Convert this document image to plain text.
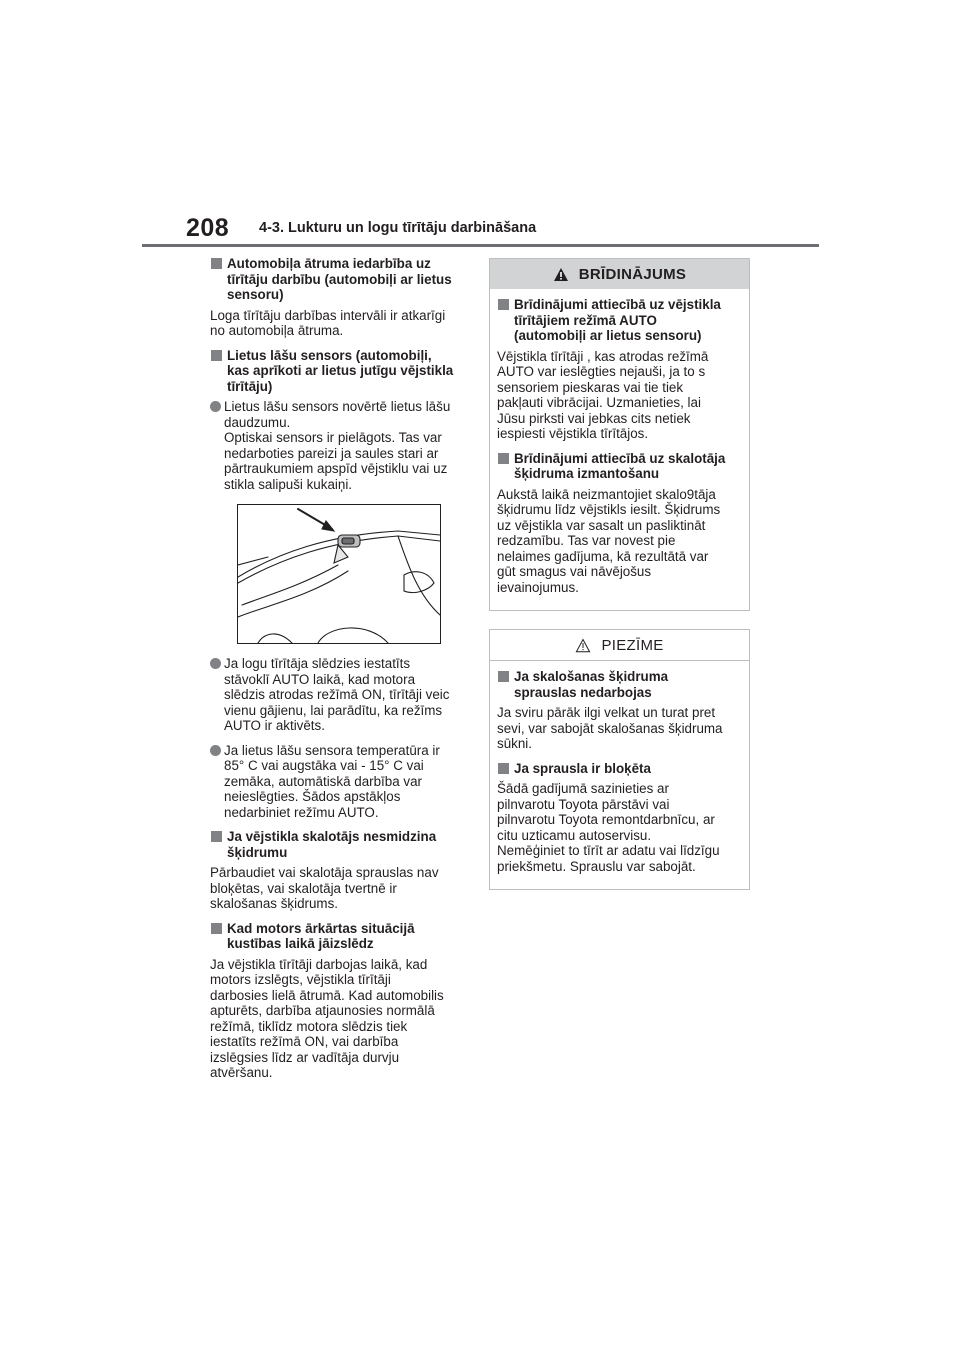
208 4-3. Lukturu un logu tīrītāju darbināšana
Automobiļa ātruma iedarbība uz
tīrītāju darbību (automobiļi ar lietus
sensoru)
Loga tīrītāju darbības intervāli ir atkarīgi
no automobiļa ātruma.
Lietus lāšu sensors (automobiļi,
kas aprīkoti ar lietus jutīgu vējstikla
tīrītāju)
Lietus lāšu sensors novērtē lietus lāšu
daudzumu.
Optiskai sensors ir pielāgots. Tas var
nedarboties pareizi ja saules stari ar
pārtraukumiem apspīd vējstiklu vai uz
stikla salipuši kukaiņi.
Ja logu tīrītāja slēdzies iestatīts
stāvoklī AUTO laikā, kad motora
slēdzis atrodas režīmā ON, tīrītāji veic
vienu gājienu, lai parādītu, ka režīms
AUTO ir aktivēts.
Ja lietus lāšu sensora temperatūra ir
85° C vai augstāka vai - 15° C vai
zemāka, automātiskā darbība var
neieslēgties. Šādos apstākļos
nedarbiniet režīmu AUTO.
Ja vējstikla skalotājs nesmidzina
šķidrumu
Pārbaudiet vai skalotāja sprauslas nav
bloķētas, vai skalotāja tvertnē ir
skalošanas šķidrums.
Kad motors ārkārtas situācijā
kustības laikā jāizslēdz
Ja vējstikla tīrītāji darbojas laikā, kad
motors izslēgts, vējstikla tīrītāji
darbosies lielā ātrumā. Kad automobilis
apturēts, darbība atjaunosies normālā
režīmā, tiklīdz motora slēdzis tiek
iestatīts režīmā ON, vai darbība
izslēgsies līdz ar vadītāja durvju
atvēršanu.
BRĪDINĀJUMS
Brīdinājumi attiecībā uz vējstikla
tīrītājiem režīmā AUTO
(automobiļi ar lietus sensoru)
Vējstikla tīrītāji , kas atrodas režīmā
AUTO var ieslēgties nejauši, ja to s
sensoriem pieskaras vai tie tiek
pakļauti vibrācijai. Uzmanieties, lai
Jūsu pirksti vai jebkas cits netiek
iespiesti vējstikla tīrītājos.
Brīdinājumi attiecībā uz skalotāja
šķidruma izmantošanu
Aukstā laikā neizmantojiet skalo9tāja
šķidrumu līdz vējstikls iesilt. Šķidrums
uz vējstikla var sasalt un pasliktināt
redzamību. Tas var novest pie
nelaimes gadījuma, kā rezultātā var
gūt smagus vai nāvējošus
ievainojumus.
PIEZĪME
Ja skalošanas šķidruma
sprauslas nedarbojas
Ja sviru pārāk ilgi velkat un turat pret
sevi, var sabojāt skalošanas šķidruma
sūkni.
Ja sprausla ir bloķēta
Šādā gadījumā sazinieties ar
pilnvarotu Toyota pārstāvi vai
pilnvarotu Toyota remontdarbnīcu, ar
citu uzticamu autoservisu.
Nemēģiniet to tīrīt ar adatu vai līdzīgu
priekšmetu. Sprauslu var sabojāt.
